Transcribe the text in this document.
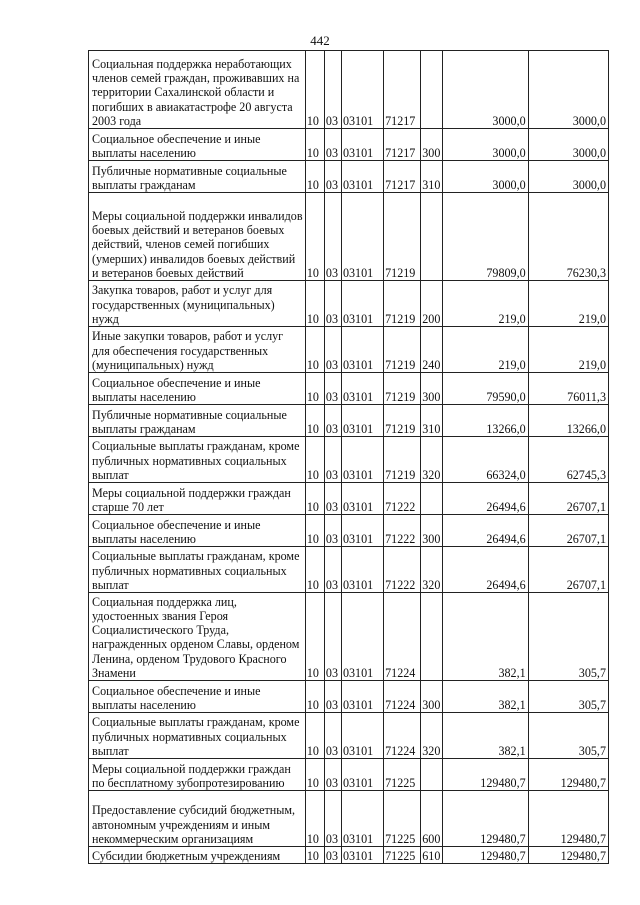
442
Социальная поддержка неработающих членов семей граждан, проживавших на территории Сахалинской области и погибших в авиакатастрофе 20 августа 2003 года	10	03	03101	71217		3000,0	3000,0
Социальное обеспечение и иные выплаты населению	10	03	03101	71217	300	3000,0	3000,0
Публичные нормативные социальные выплаты гражданам	10	03	03101	71217	310	3000,0	3000,0
Меры социальной поддержки инвалидов боевых действий и ветеранов боевых действий, членов семей погибших (умерших) инвалидов боевых действий и ветеранов боевых действий	10	03	03101	71219		79809,0	76230,3
Закупка товаров, работ и услуг для государственных (муниципальных) нужд	10	03	03101	71219	200	219,0	219,0
Иные закупки товаров, работ и услуг для обеспечения государственных (муниципальных) нужд	10	03	03101	71219	240	219,0	219,0
Социальное обеспечение и иные выплаты населению	10	03	03101	71219	300	79590,0	76011,3
Публичные нормативные социальные выплаты гражданам	10	03	03101	71219	310	13266,0	13266,0
Социальные выплаты гражданам, кроме публичных нормативных социальных выплат	10	03	03101	71219	320	66324,0	62745,3
Меры социальной поддержки граждан старше 70 лет	10	03	03101	71222		26494,6	26707,1
Социальное обеспечение и иные выплаты населению	10	03	03101	71222	300	26494,6	26707,1
Социальные выплаты гражданам, кроме публичных нормативных социальных выплат	10	03	03101	71222	320	26494,6	26707,1
Социальная поддержка лиц, удостоенных звания Героя Социалистического Труда, награжденных орденом Славы, орденом Ленина, орденом Трудового Красного Знамени	10	03	03101	71224		382,1	305,7
Социальное обеспечение и иные выплаты населению	10	03	03101	71224	300	382,1	305,7
Социальные выплаты гражданам, кроме публичных нормативных социальных выплат	10	03	03101	71224	320	382,1	305,7
Меры социальной поддержки граждан по бесплатному зубопротезированию	10	03	03101	71225		129480,7	129480,7
Предоставление субсидий бюджетным, автономным учреждениям и иным некоммерческим организациям	10	03	03101	71225	600	129480,7	129480,7
Субсидии бюджетным учреждениям	10	03	03101	71225	610	129480,7	129480,7
